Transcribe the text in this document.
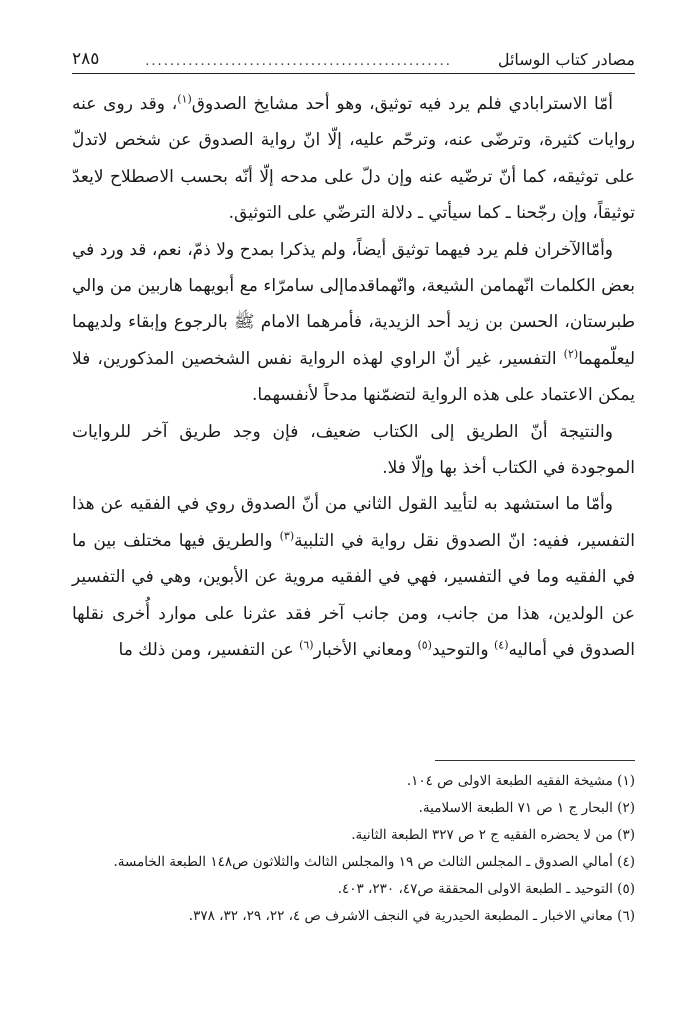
مصادر كتاب الوسائل
..................................................
٢٨٥
أمّا الاسترابادي فلم يرد فيه توثيق، وهو أحد مشايخ الصدوق$^{(١)}$، وقد روى عنه روايات كثيرة، وترضّى عنه، وترحّم عليه، إلّا انّ رواية الصدوق عن شخص لاتدلّ على توثيقه، كما أنّ ترضّيه عنه وإن دلّ على مدحه إلّا أنّه بحسب الاصطلاح لايعدّ توثيقاً، وإن رجّحنا ـ كما سيأتي ـ دلالة الترضّي على التوثيق.
وأمّاالآخران فلم يرد فيهما توثيق أيضاً، ولم يذكرا بمدح ولا ذمّ، نعم، قد ورد في بعض الكلمات انّهمامن الشيعة، وانّهماقدماإلى سامرّاء مع أبويهما هاربين من والي طبرستان، الحسن بن زيد أحد الزيدية، فأمرهما الامام ﷺ بالرجوع وإبقاء ولديهما ليعلّمهما$^{(٢)}$ التفسير، غير أنّ الراوي لهذه الرواية نفس الشخصين المذكورين، فلا يمكن الاعتماد على هذه الرواية لتضمّنها مدحاً لأنفسهما.
والنتيجة أنّ الطريق إلى الكتاب ضعيف، فإن وجد طريق آخر للروايات الموجودة في الكتاب أخذ بها وإلّا فلا.
وأمّا ما استشهد به لتأييد القول الثاني من أنّ الصدوق روي في الفقيه عن هذا التفسير، ففيه: انّ الصدوق نقل رواية في التلبية$^{(٣)}$ والطريق فيها مختلف بين ما في الفقيه وما في التفسير، فهي في الفقيه مروية عن الأبوين، وهي في التفسير عن الولدين، هذا من جانب، ومن جانب آخر فقد عثرنا على موارد أُخرى نقلها الصدوق في أماليه$^{(٤)}$ والتوحيد$^{(٥)}$ ومعاني الأخبار$^{(٦)}$ عن التفسير، ومن ذلك ما

(١) مشيخة الفقيه الطبعة الاولى ص ١٠٤.

(٢) البحار ج ١ ص ٧١ الطبعة الاسلامية.

(٣) من لا يحضره الفقيه ج ٢ ص ٣٢٧ الطبعة الثانية.

(٤) أمالي الصدوق ـ المجلس الثالث ص ١٩ والمجلس الثالث والثلاثون ص١٤٨ الطبعة الخامسة.

(٥) التوحيد ـ الطبعة الاولى المحققة ص٤٧، ٢٣٠، ٤٠٣.

(٦) معاني الاخبار ـ المطبعة الحيدرية في النجف الاشرف ص ٤، ٢٢، ٢٩، ٣٢، ٣٧٨.
